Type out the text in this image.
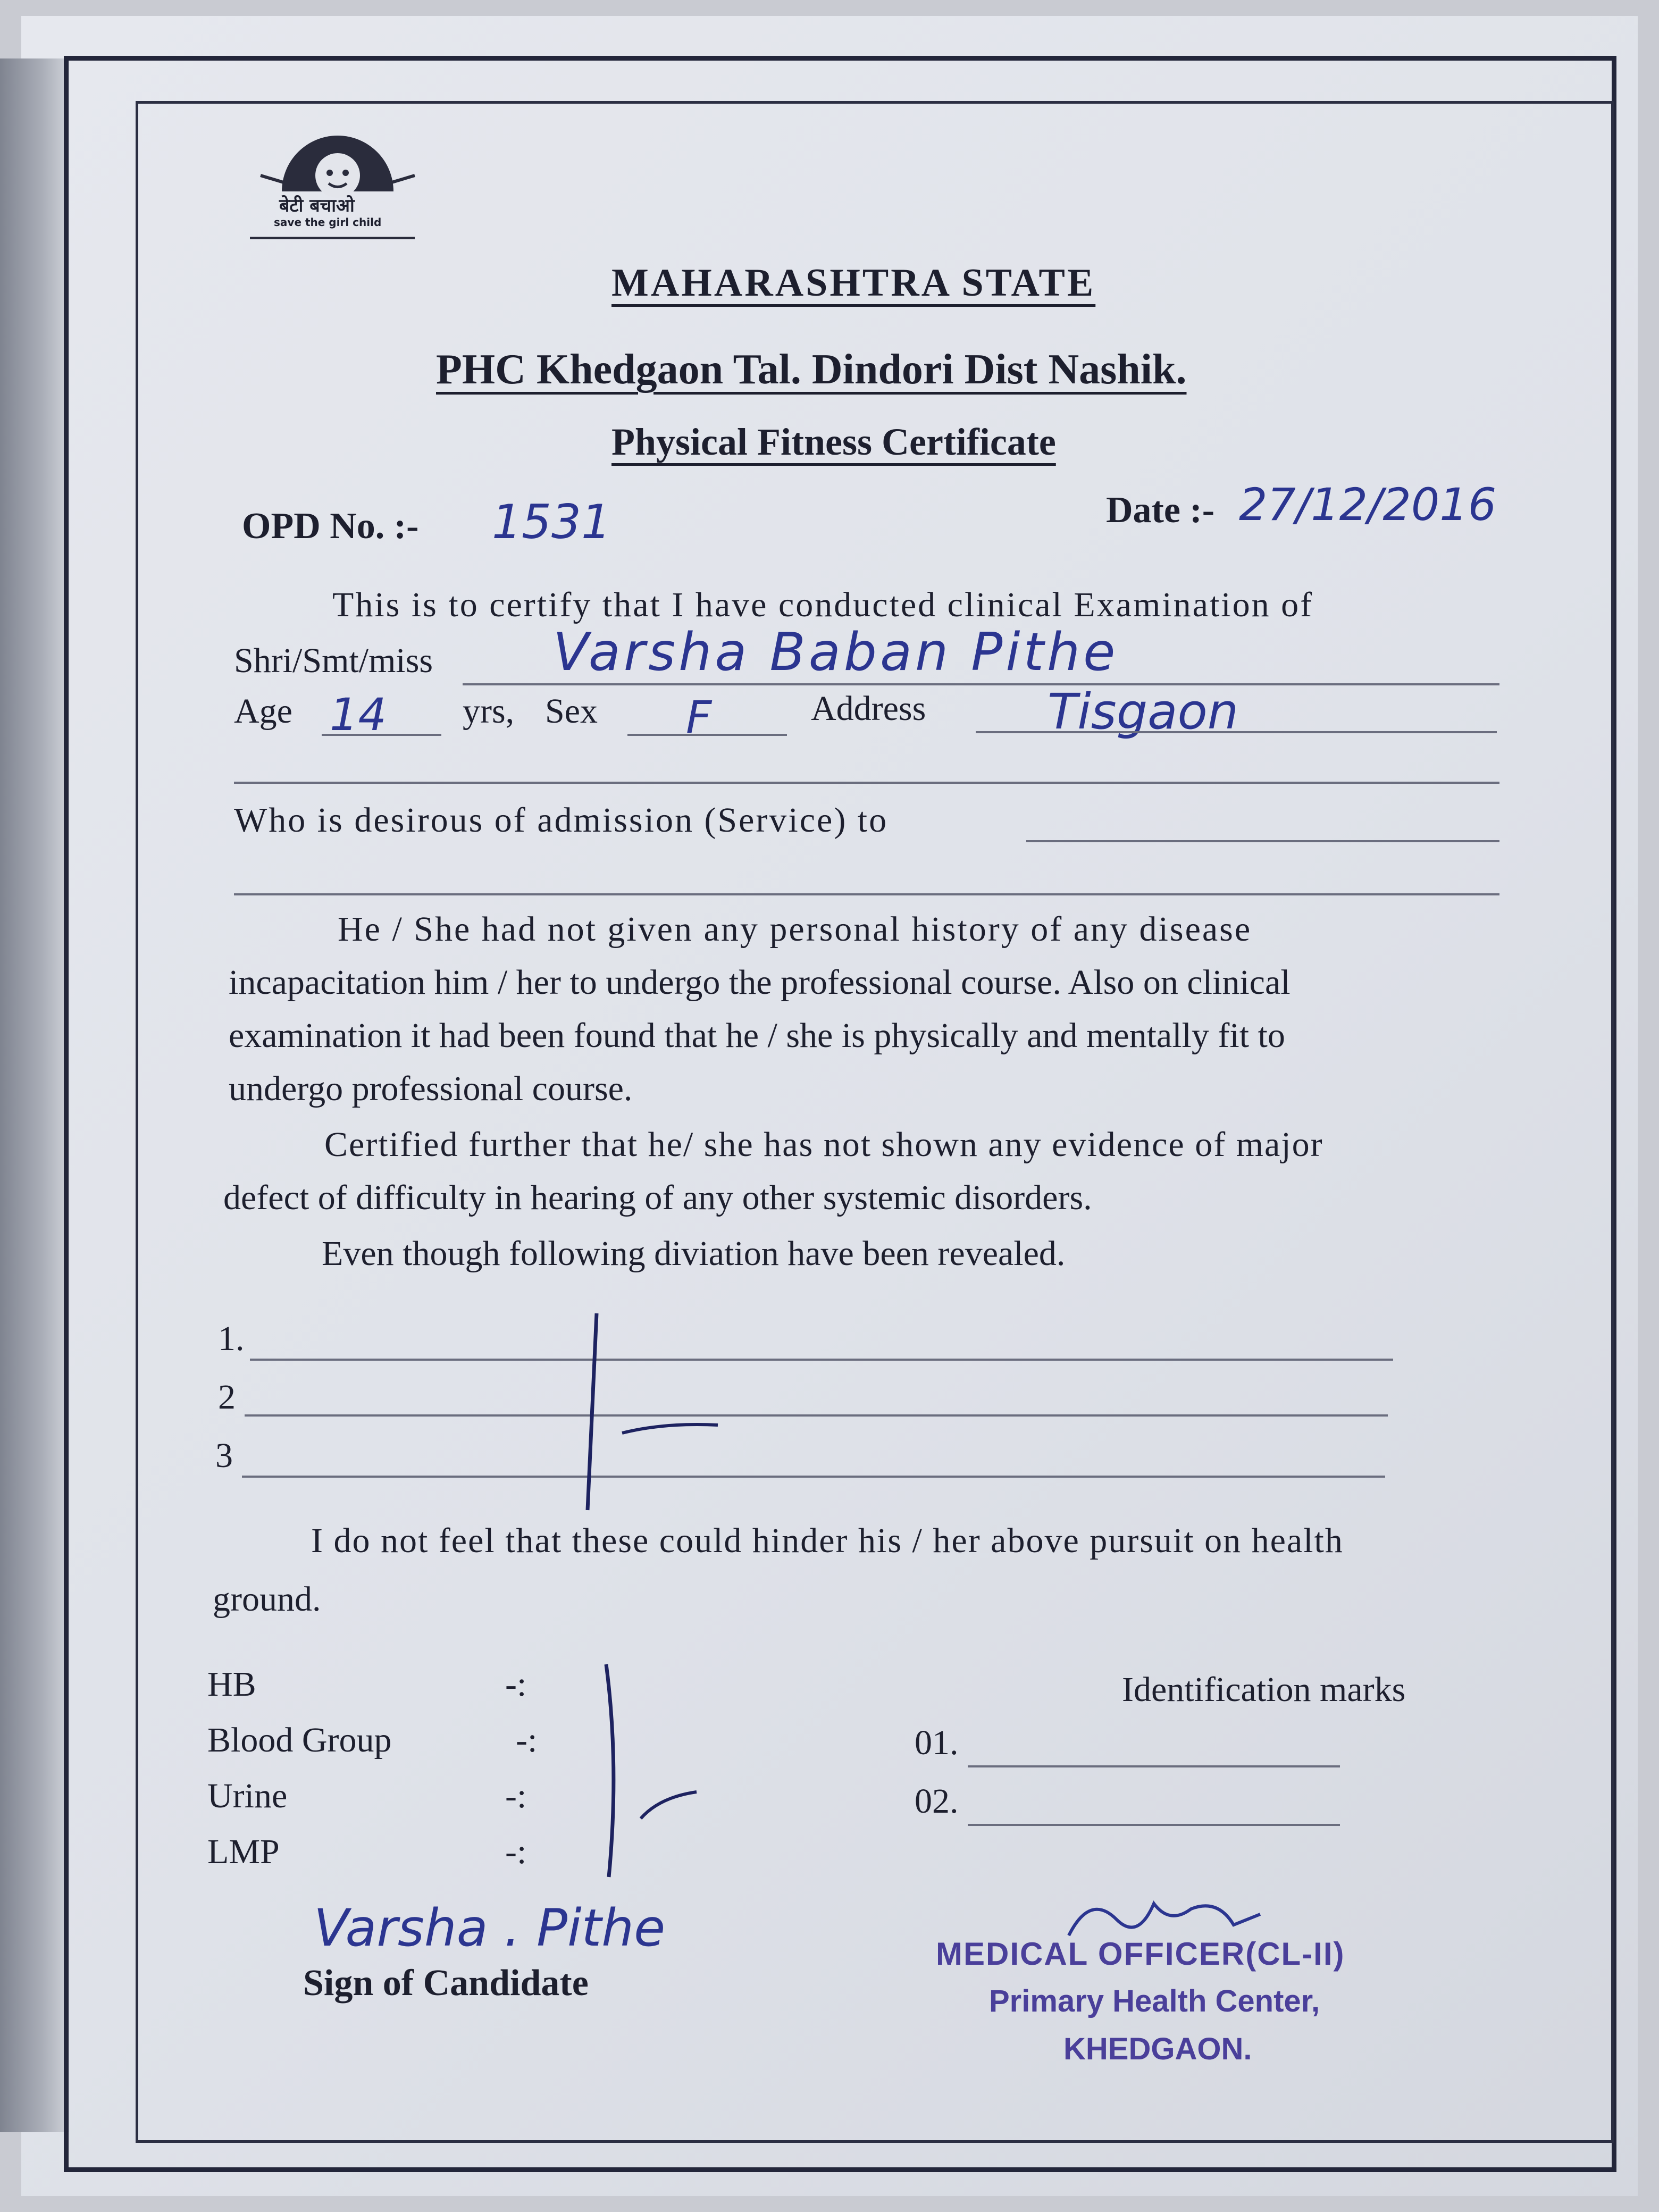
बेटी बचाओ
save the girl child
MAHARASHTRA STATE
PHC Khedgaon Tal. Dindori Dist Nashik.
Physical Fitness Certificate
OPD No. :- 1531	Date :- 27/12/2016
This is to certify that I have conducted clinical Examination of
Shri/Smt/miss Varsha Baban Pithe
Age 14 yrs, Sex F	Address Tisgaon
Who is desirous of admission (Service) to
He / She had not given any personal history of any disease
incapacitation him / her to undergo the professional course. Also on clinical
examination it had been found that he / she is physically and mentally fit to
undergo professional course.
Certified further that he/ she has not shown any evidence of major
defect of difficulty in hearing of any other systemic disorders.
Even though following diviation have been revealed.
1.
2
3
I do not feel that these could hinder his / her above pursuit on health
ground.
HB	-:
Blood Group	-:
Urine	-:
LMP	-:
Identification marks
01.
02.
Varsha . Pithe
Sign of Candidate
MEDICAL OFFICER(CL-II)
Primary Health Center,
KHEDGAON.
